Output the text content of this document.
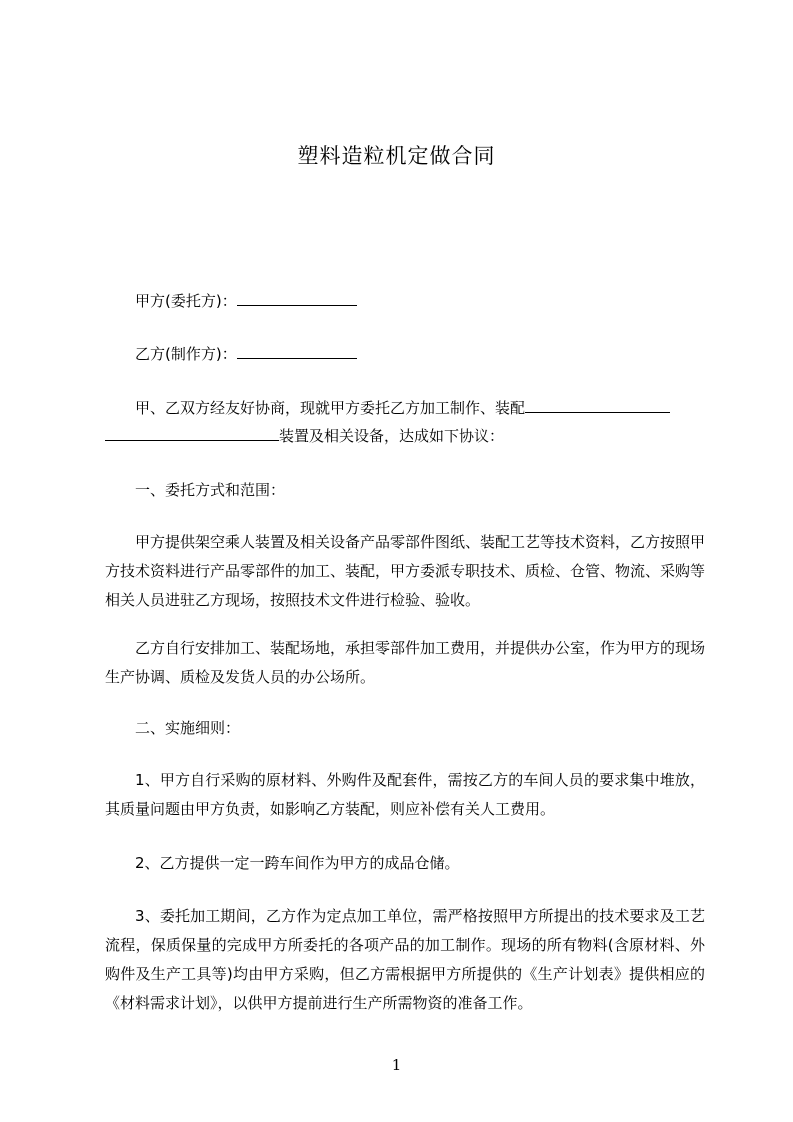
塑料造粒机定做合同
甲方(委托方)：
乙方(制作方)：
甲、乙双方经友好协商，现就甲方委托乙方加工制作、装配
装置及相关设备，达成如下协议：
一、委托方式和范围：
甲方提供架空乘人装置及相关设备产品零部件图纸、装配工艺等技术资料，乙方按照甲方技术资料进行产品零部件的加工、装配，甲方委派专职技术、质检、仓管、物流、采购等相关人员进驻乙方现场，按照技术文件进行检验、验收。
乙方自行安排加工、装配场地，承担零部件加工费用，并提供办公室，作为甲方的现场生产协调、质检及发货人员的办公场所。
二、实施细则：
1、甲方自行采购的原材料、外购件及配套件，需按乙方的车间人员的要求集中堆放，其质量问题由甲方负责，如影响乙方装配，则应补偿有关人工费用。
2、乙方提供一定一跨车间作为甲方的成品仓储。
3、委托加工期间，乙方作为定点加工单位，需严格按照甲方所提出的技术要求及工艺流程，保质保量的完成甲方所委托的各项产品的加工制作。现场的所有物料(含原材料、外购件及生产工具等)均由甲方采购，但乙方需根据甲方所提供的《生产计划表》提供相应的《材料需求计划》，以供甲方提前进行生产所需物资的准备工作。
1
